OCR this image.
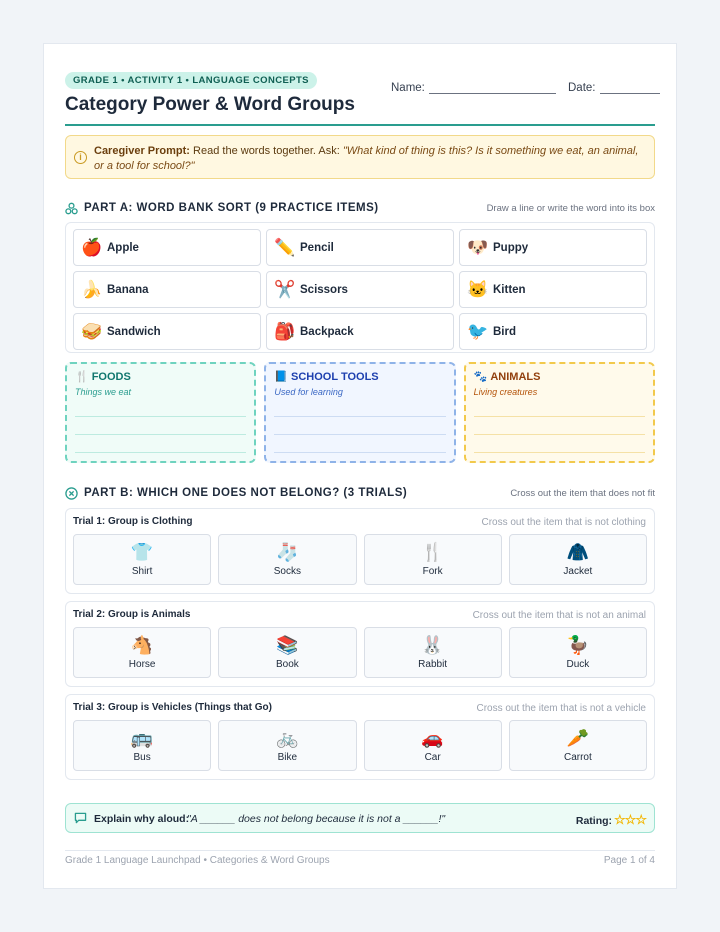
GRADE 1 • ACTIVITY 1 • LANGUAGE CONCEPTS
Category Power & Word Groups
Name:	Date:
i	Caregiver Prompt: Read the words together. Ask: "What kind of thing is this? Is it something we eat, an animal, or a tool for school?"
PART A: WORD BANK SORT (9 PRACTICE ITEMS)	Draw a line or write the word into its box
🍎 Apple	✏️ Pencil	🐶 Puppy
🍌 Banana	✂️ Scissors	🐱 Kitten
🥪 Sandwich	🎒 Backpack	🐦 Bird
🍴 FOODS
Things we eat
📘 SCHOOL TOOLS
Used for learning
🐾 ANIMALS
Living creatures
PART B: WHICH ONE DOES NOT BELONG? (3 TRIALS)	Cross out the item that does not fit
Trial 1: Group is Clothing	Cross out the item that is not clothing
👕
Shirt
🧦
Socks
🍴
Fork
🧥
Jacket
Trial 2: Group is Animals	Cross out the item that is not an animal
🐴
Horse
📚
Book
🐰
Rabbit
🦆
Duck
Trial 3: Group is Vehicles (Things that Go)	Cross out the item that is not a vehicle
🚌
Bus
🚲
Bike
🚗
Car
🥕
Carrot
Explain why aloud:
"A ______ does not belong because it is not a ______!"	Rating: ☆☆☆
Grade 1 Language Launchpad • Categories & Word Groups	Page 1 of 4
